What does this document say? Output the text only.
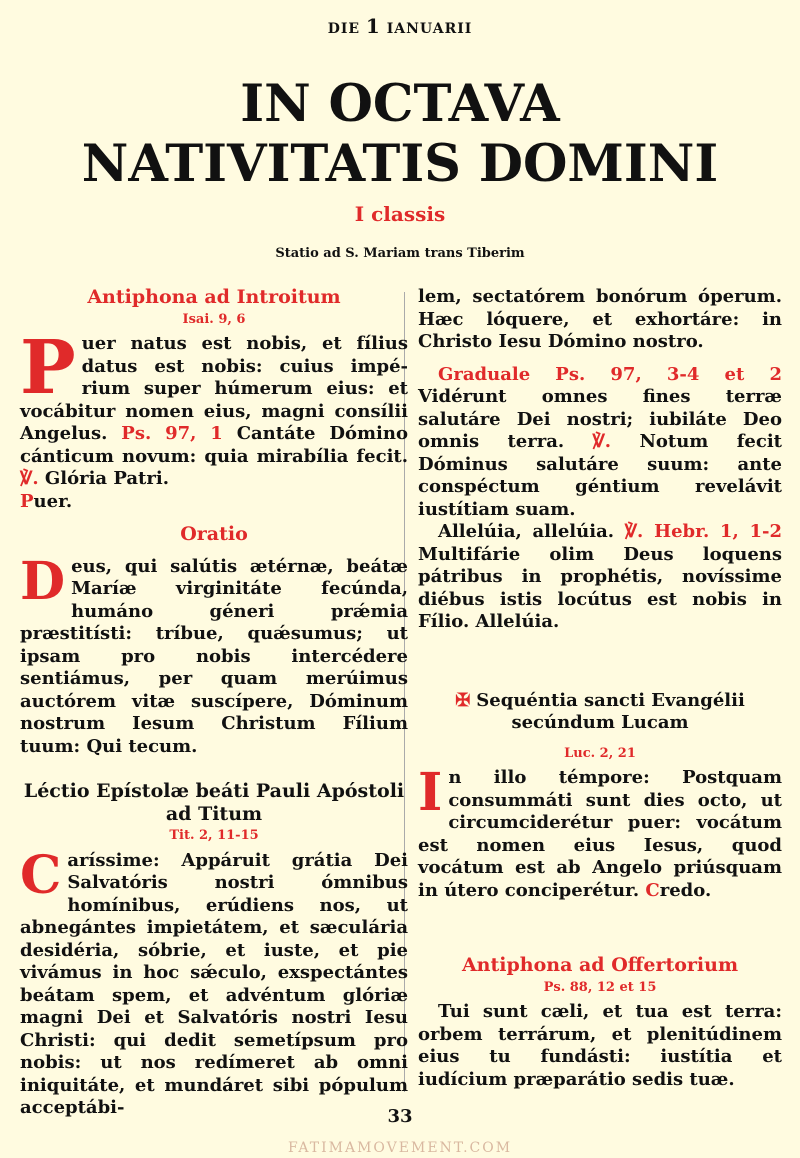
DIE 1 IANUARII
IN OCTAVA
NATIVITATIS DOMINI
I classis
Statio ad S. Mariam trans Tiberim

Antiphona ad Introitum

Isai. 9, 6

Puer natus est nobis, et fílius datus est nobis: cuius impé-rium super húmerum eius: et vocábitur nomen eius, magni consílii Angelus. Ps. 97, 1 Cantáte Dómino cánticum novum: quia mirabília fecit. ℣. Glória Patri.
Puer.

Oratio

Deus, qui salútis ætérnæ, beátæ Maríæ virginitáte fecúnda, humáno géneri prǽmia præstitísti: tríbue, quǽsumus; ut ipsam pro nobis intercédere sentiámus, per quam merúimus auctórem vitæ suscípere, Dóminum nostrum Iesum Christum Fílium tuum: Qui tecum.

Léctio Epístolæ beáti Pauli Apóstoli ad Titum

Tit. 2, 11-15

Caríssime: Appáruit grátia Dei Salvatóris nostri ómnibus homínibus, erúdiens nos, ut abnegántes impietátem, et sæculária desidéria, sóbrie, et iuste, et pie vivámus in hoc sǽculo, exspectántes beátam spem, et advéntum glóriæ magni Dei et Salvatóris nostri Iesu Christi: qui dedit semetípsum pro nobis: ut nos redímeret ab omni iniquitáte, et mundáret sibi pópulum acceptábi-

lem, sectatórem bonórum óperum. Hæc lóquere, et exhortáre: in Christo Iesu Dómino nostro.

Graduale Ps. 97, 3-4 et 2 Vidérunt omnes fines terræ salutáre Dei nostri; iubiláte Deo omnis terra. ℣. Notum fecit Dóminus salutáre suum: ante conspéctum géntium revelávit iustítiam suam.

Allelúia, allelúia. ℣. Hebr. 1, 1-2 Multifárie olim Deus loquens pátribus in prophétis, novíssime diébus istis locútus est nobis in Fílio. Allelúia.

✠ Sequéntia sancti Evangélii secúndum Lucam

Luc. 2, 21

In illo témpore: Postquam consummáti sunt dies octo, ut circumciderétur puer: vocátum est nomen eius Iesus, quod vocátum est ab Angelo priúsquam in útero conciperétur. Credo.

Antiphona ad Offertorium

Ps. 88, 12 et 15

Tui sunt cæli, et tua est terra: orbem terrárum, et plenitúdinem eius tu fundásti: iustítia et iudícium præparátio sedis tuæ.

33
FATIMAMOVEMENT.COM
